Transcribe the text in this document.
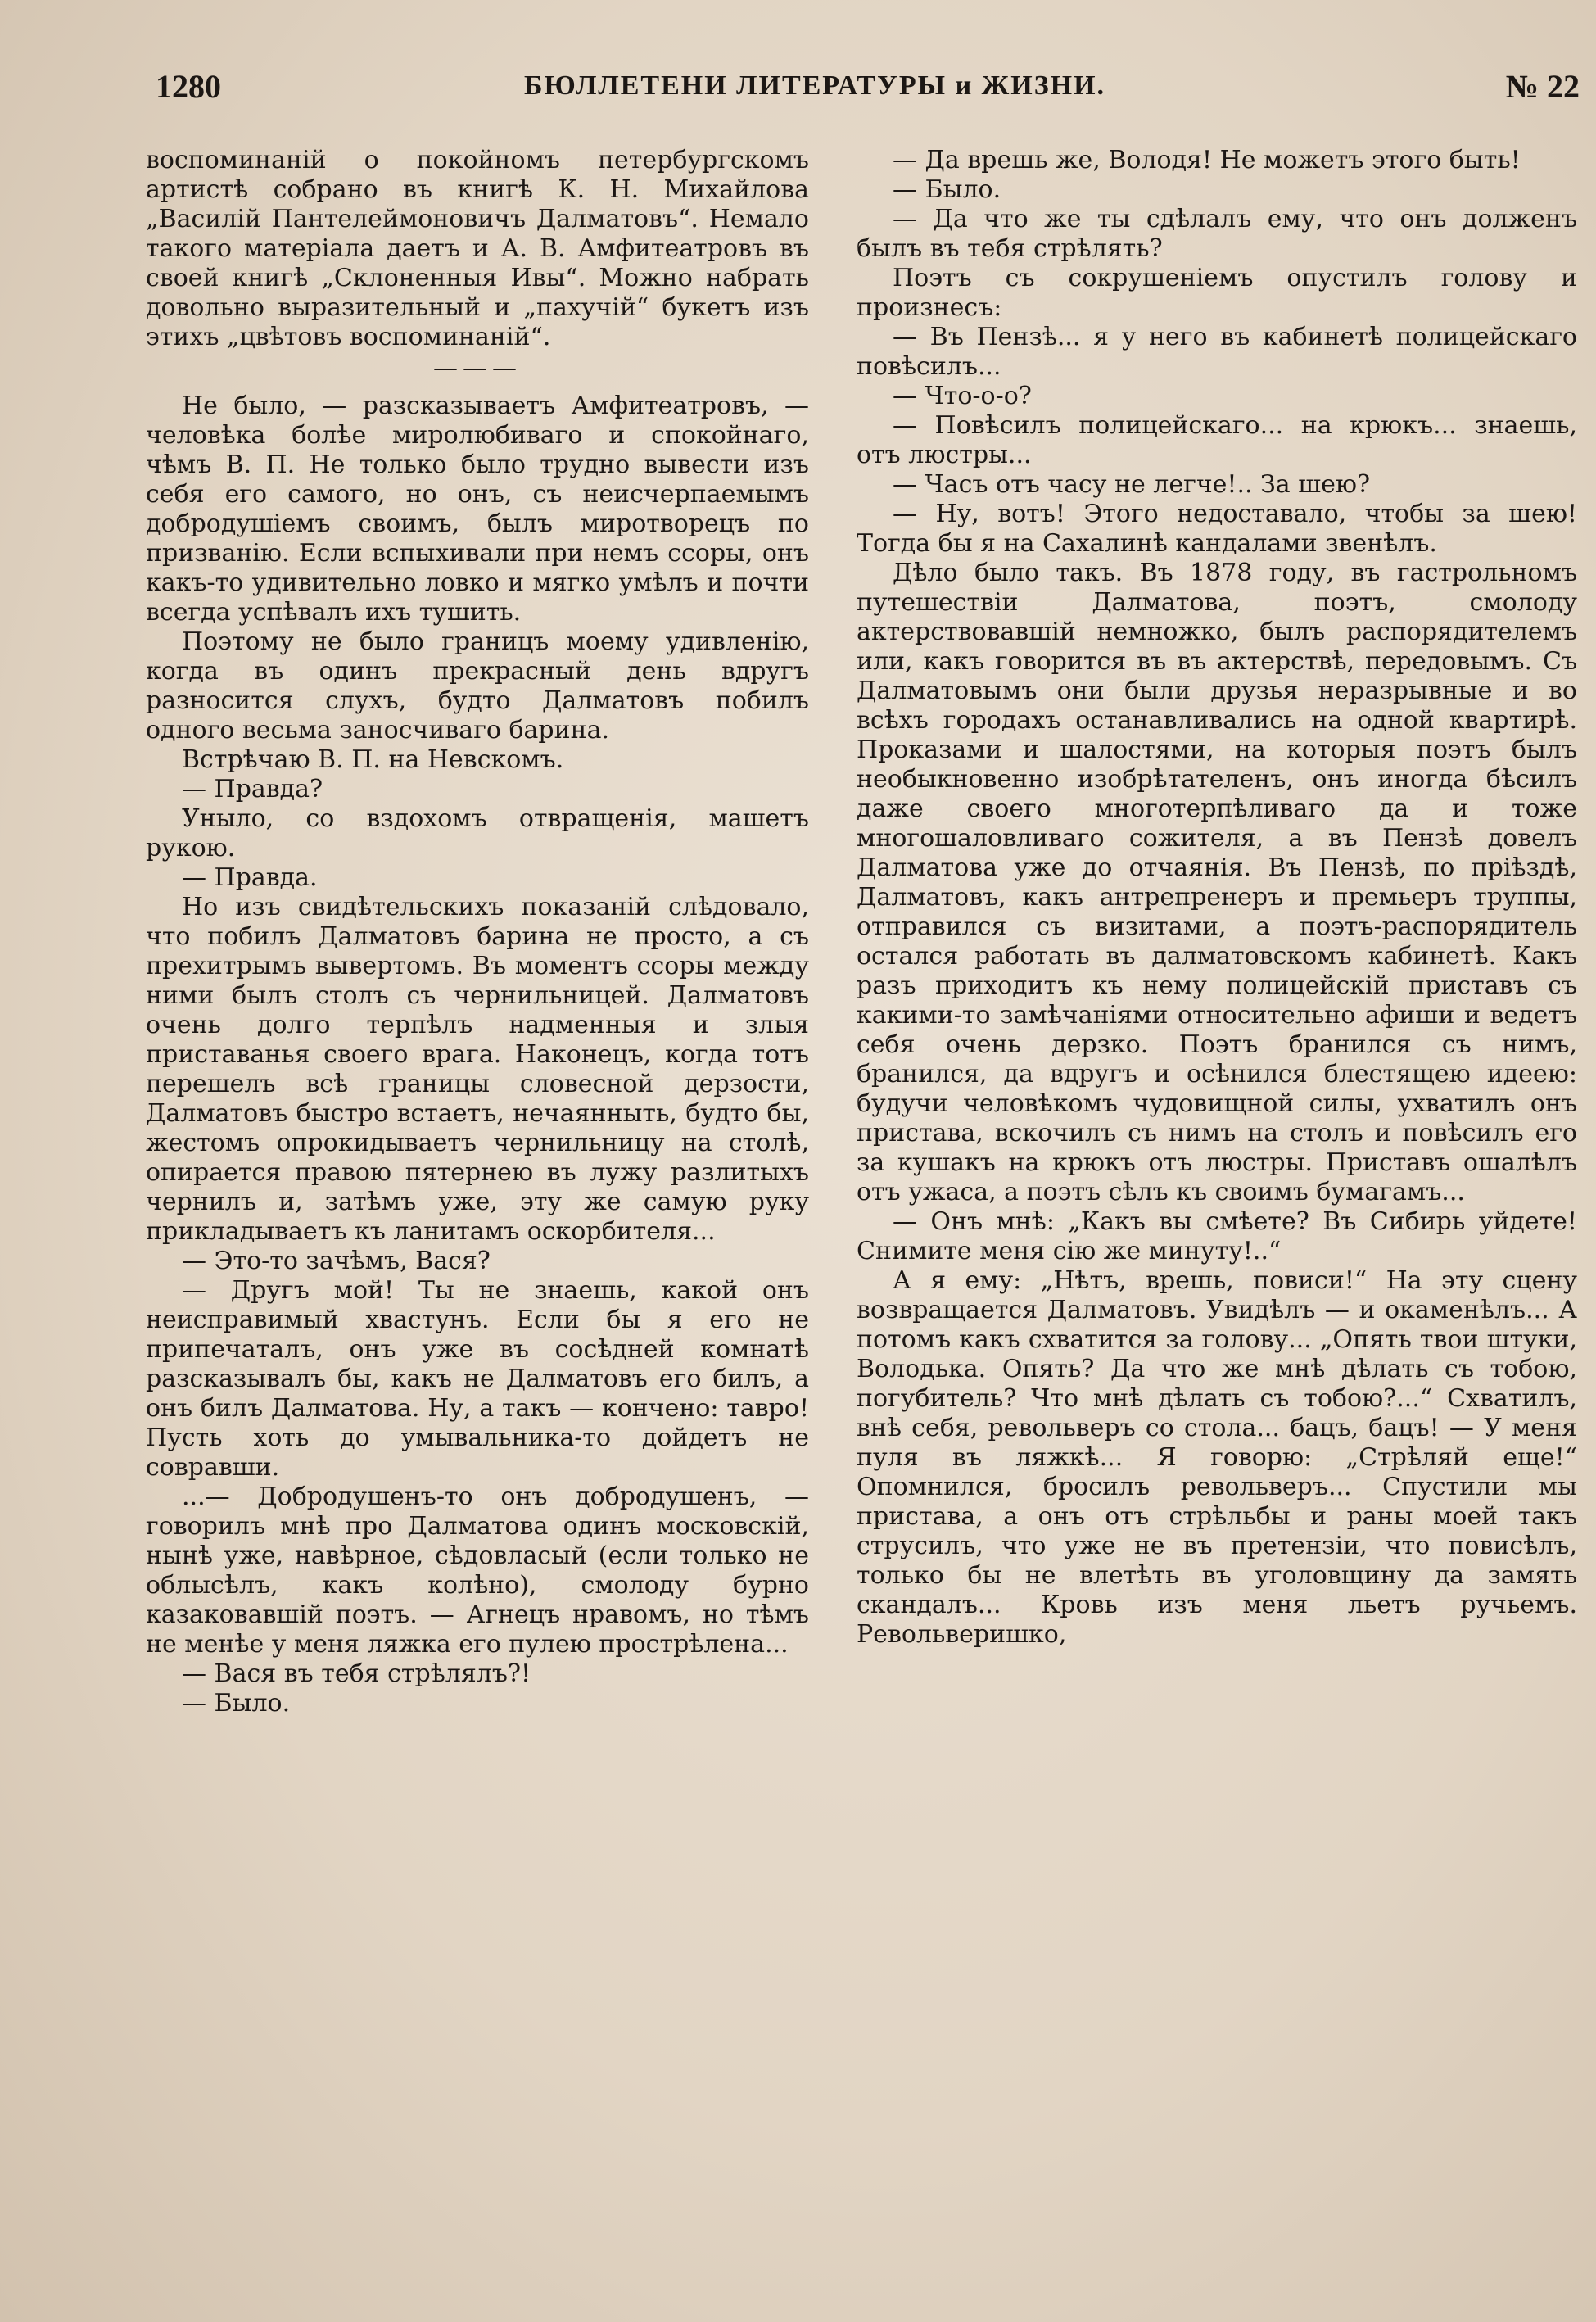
1280	БЮЛЛЕТЕНИ ЛИТЕРАТУРЫ и ЖИЗНИ.	№ 22

воспоминаній о покойномъ петербургскомъ артистѣ собрано въ книгѣ К. Н. Михайлова „Василій Пантелеймоновичъ Далматовъ“. Немало такого матеріала даетъ и А. В. Амфитеатровъ въ своей книгѣ „Склоненныя Ивы“. Можно набрать довольно выразительный и „пахучій“ букетъ изъ этихъ „цвѣтовъ воспоминаній“.

———

Не было, — разсказываетъ Амфитеатровъ, — человѣка болѣе миролюбиваго и спокойнаго, чѣмъ В. П. Не только было трудно вывести изъ себя его самого, но онъ, съ неисчерпаемымъ добродушіемъ своимъ, былъ миротворецъ по призванію. Если вспыхивали при немъ ссоры, онъ какъ-то удивительно ловко и мягко умѣлъ и почти всегда успѣвалъ ихъ тушить.

Поэтому не было границъ моему удивленію, когда въ одинъ прекрасный день вдругъ разносится слухъ, будто Далматовъ побилъ одного весьма заносчиваго барина.

Встрѣчаю В. П. на Невскомъ.

— Правда?

Уныло, со вздохомъ отвращенія, машетъ рукою.

— Правда.

Но изъ свидѣтельскихъ показаній слѣдовало, что побилъ Далматовъ барина не просто, а съ прехитрымъ вывертомъ. Въ моментъ ссоры между ними былъ столъ съ чернильницей. Далматовъ очень долго терпѣлъ надменныя и злыя приставанья своего врага. Наконецъ, когда тотъ перешелъ всѣ границы словесной дерзости, Далматовъ быстро встаетъ, нечаянныть, будто бы, жестомъ опрокидываетъ чернильницу на столѣ, опирается правою пятернею въ лужу разлитыхъ чернилъ и, затѣмъ уже, эту же самую руку прикладываетъ къ ланитамъ оскорбителя...

— Это-то зачѣмъ, Вася?

— Другъ мой! Ты не знаешь, какой онъ неисправимый хвастунъ. Если бы я его не припечаталъ, онъ уже въ сосѣдней комнатѣ разсказывалъ бы, какъ не Далматовъ его билъ, а онъ билъ Далматова. Ну, а такъ — кончено: тавро! Пусть хоть до умывальника-то дойдетъ не совравши.

...— Добродушенъ-то онъ добродушенъ, — говорилъ мнѣ про Далматова одинъ московскій, нынѣ уже, навѣрное, сѣдовласый (если только не облысѣлъ, какъ колѣно), смолоду бурно казаковавшій поэтъ. — Агнецъ нравомъ, но тѣмъ не менѣе у меня ляжка его пулею прострѣлена...

— Вася въ тебя стрѣлялъ?!

— Было.

— Да врешь же, Володя! Не можетъ этого быть!

— Было.

— Да что же ты сдѣлалъ ему, что онъ долженъ былъ въ тебя стрѣлять?

Поэтъ съ сокрушеніемъ опустилъ голову и произнесъ:

— Въ Пензѣ... я у него въ кабинетѣ полицейскаго повѣсилъ...

— Что-о-о?

— Повѣсилъ полицейскаго... на крюкъ... знаешь, отъ люстры...

— Часъ отъ часу не легче!.. За шею?

— Ну, вотъ! Этого недоставало, чтобы за шею! Тогда бы я на Сахалинѣ кандалами звенѣлъ.

Дѣло было такъ. Въ 1878 году, въ гастрольномъ путешествіи Далматова, поэтъ, смолоду актерствовавшій немножко, былъ распорядителемъ или, какъ говорится въ въ актерствѣ, передовымъ. Съ Далматовымъ они были друзья неразрывные и во всѣхъ городахъ останавливались на одной квартирѣ. Проказами и шалостями, на которыя поэтъ былъ необыкновенно изобрѣтателенъ, онъ иногда бѣсилъ даже своего многотерпѣливаго да и тоже многошаловливаго сожителя, а въ Пензѣ довелъ Далматова уже до отчаянія. Въ Пензѣ, по пріѣздѣ, Далматовъ, какъ антрепренеръ и премьеръ труппы, отправился съ визитами, а поэтъ-распорядитель остался работать въ далматовскомъ кабинетѣ. Какъ разъ приходитъ къ нему полицейскій приставъ съ какими-то замѣчаніями относительно афиши и ведетъ себя очень дерзко. Поэтъ бранился съ нимъ, бранился, да вдругъ и осѣнился блестящею идеею: будучи человѣкомъ чудовищной силы, ухватилъ онъ пристава, вскочилъ съ нимъ на столъ и повѣсилъ его за кушакъ на крюкъ отъ люстры. Приставъ ошалѣлъ отъ ужаса, а поэтъ сѣлъ къ своимъ бумагамъ...

— Онъ мнѣ: „Какъ вы смѣете? Въ Сибирь уйдете! Снимите меня сію же минуту!..“

А я ему: „Нѣтъ, врешь, повиси!“ На эту сцену возвращается Далматовъ. Увидѣлъ — и окаменѣлъ... А потомъ какъ схватится за голову... „Опять твои штуки, Володька. Опять? Да что же мнѣ дѣлать съ тобою, погубитель? Что мнѣ дѣлать съ тобою?...“ Схватилъ, внѣ себя, револьверъ со стола... бацъ, бацъ! — У меня пуля въ ляжкѣ... Я говорю: „Стрѣляй еще!“ Опомнился, бросилъ револьверъ... Спустили мы пристава, а онъ отъ стрѣльбы и раны моей такъ струсилъ, что уже не въ претензіи, что повисѣлъ, только бы не влетѣть въ уголовщину да замять скандалъ... Кровь изъ меня льетъ ручьемъ. Револьверишко,
